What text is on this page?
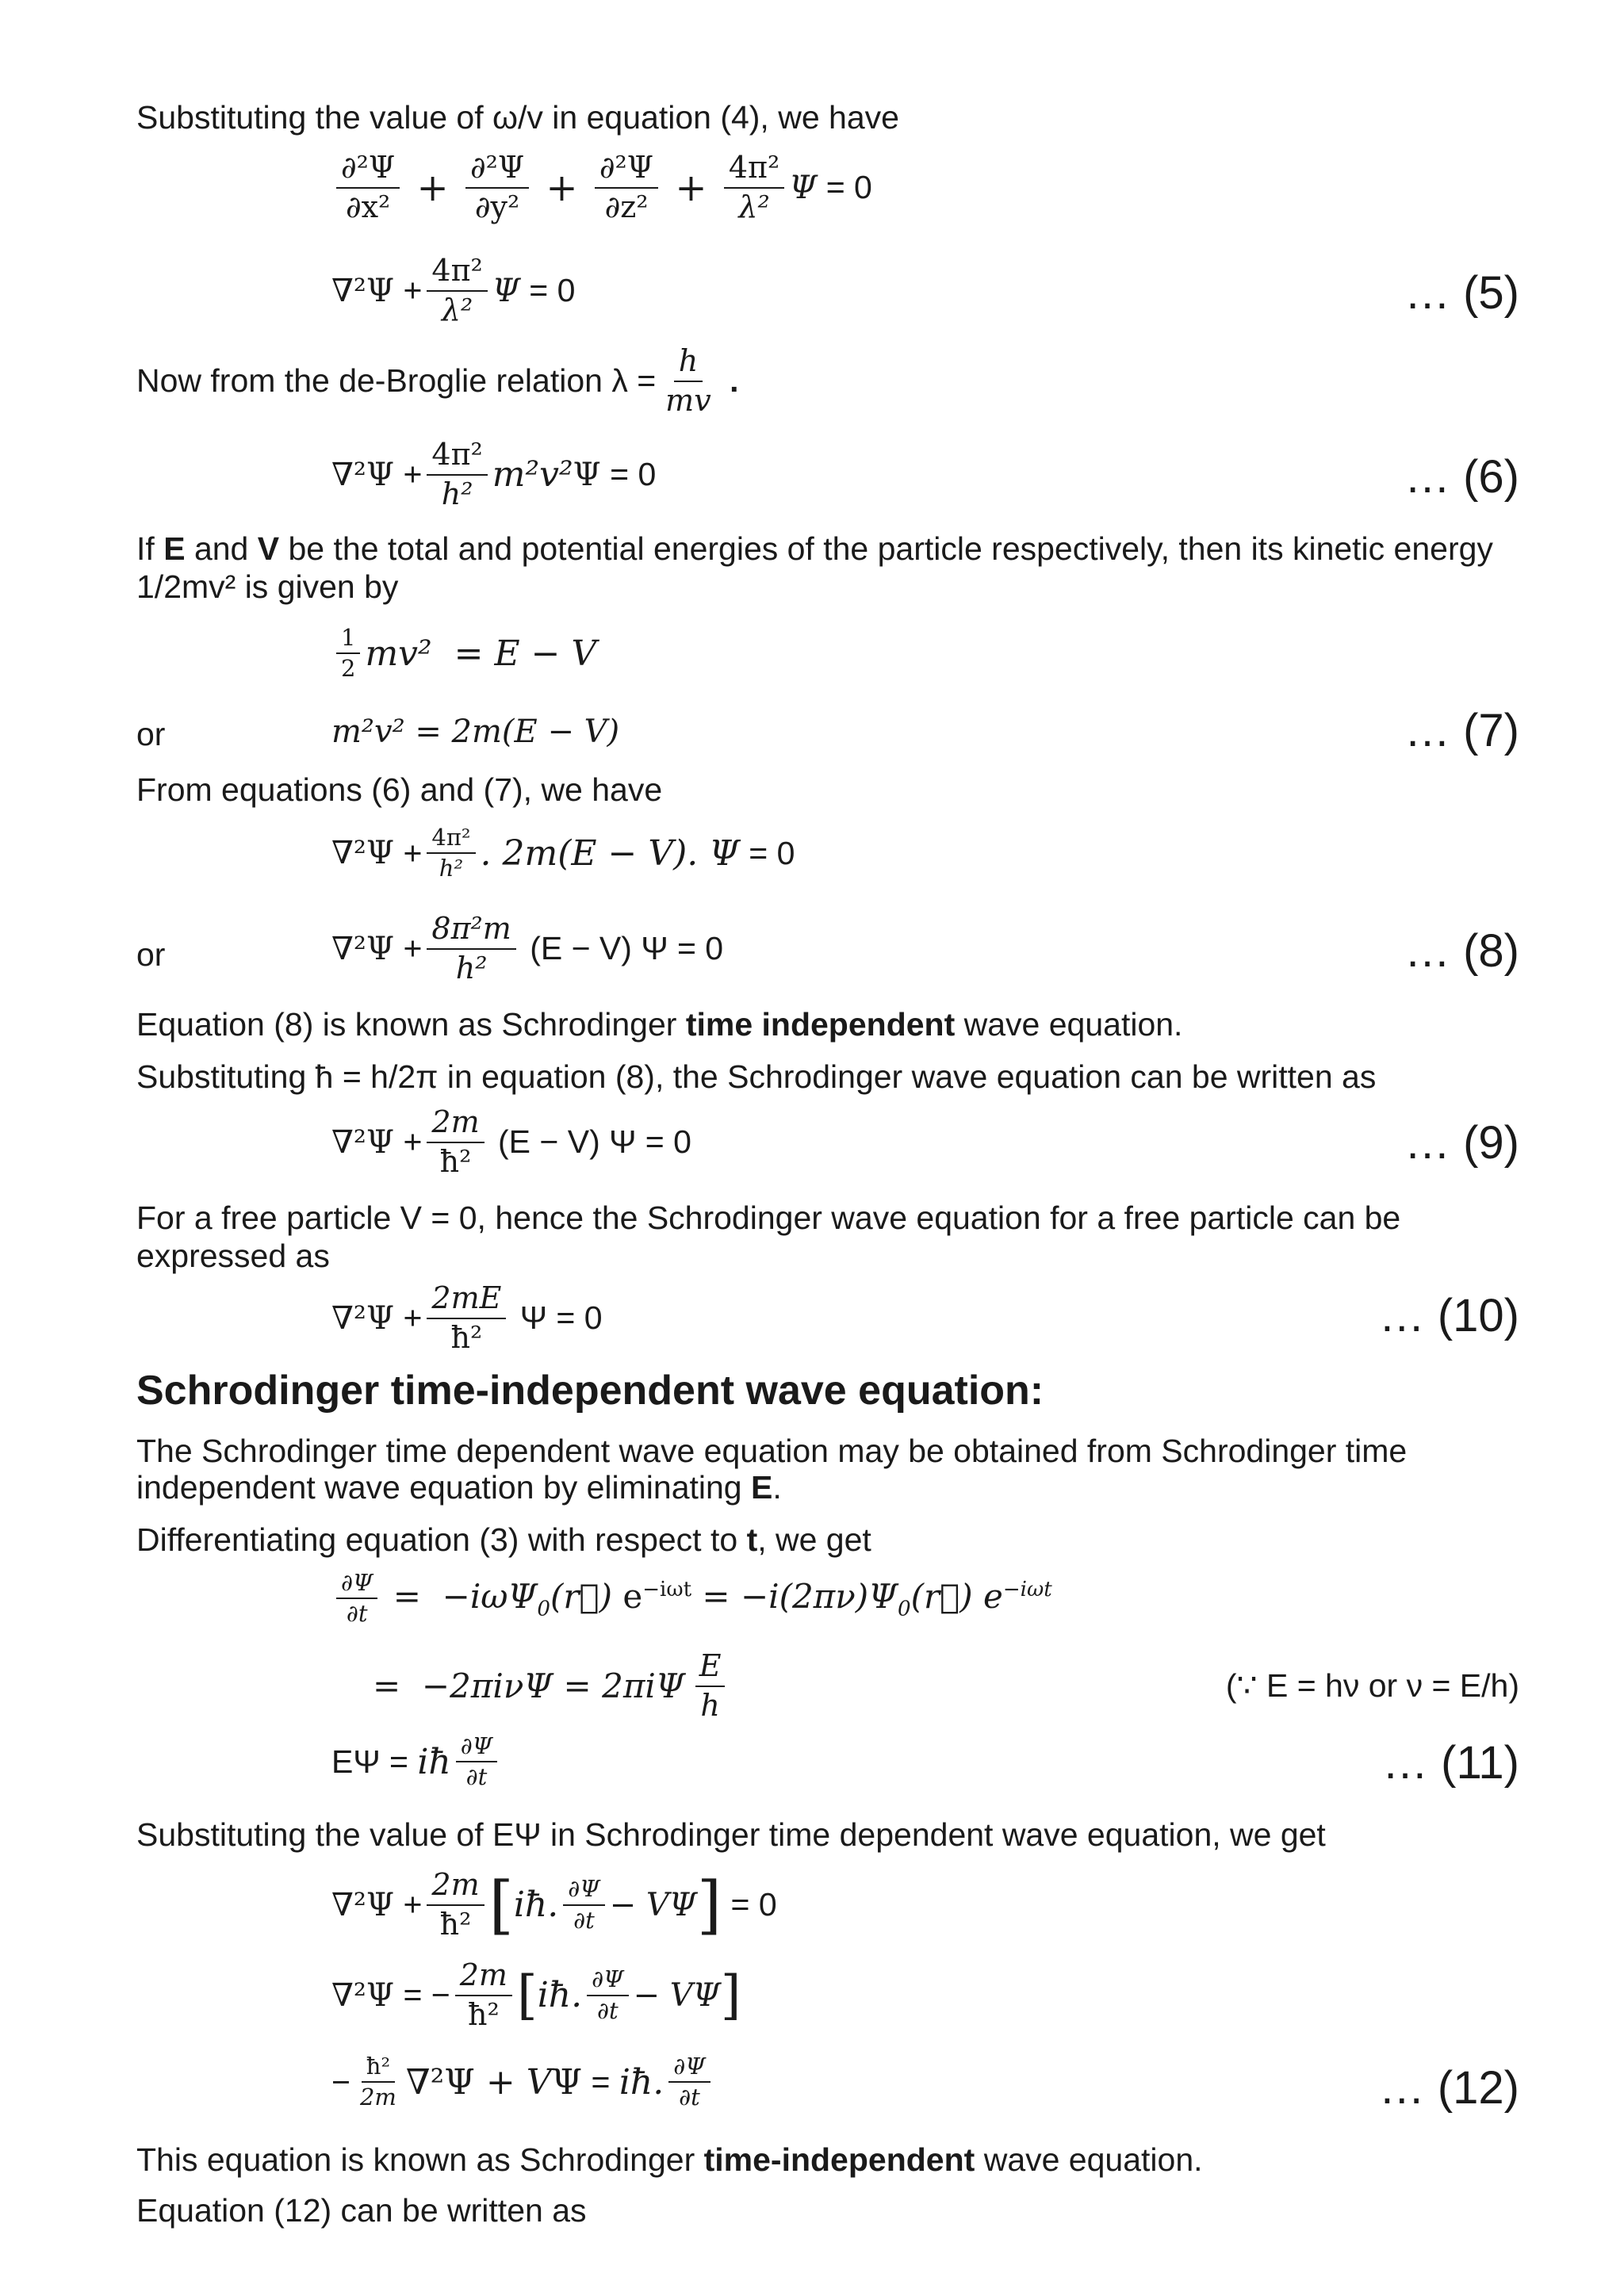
Substituting the value of ω/v in equation (4), we have
$\frac{\text{∂²Ψ}}{\text{∂x²}} + \frac{\text{∂²Ψ}}{\text{∂y²}} + \frac{\text{∂²Ψ}}{\text{∂z²}} + \frac{\text{4π²}}{\text{λ²}}$ Ψ = 0
$\nabla^2\Psi + \frac{\text{4π²}}{\text{λ²}}$ Ψ = 0	… (5)
Now from the de-Broglie relation $\lambda = \frac{h}{mv}$ .
$\nabla^2\Psi + \frac{\text{4π²}}{\text{h²}} m^2v^2$ Ψ = 0	… (6)
If E and V be the total and potential energies of the particle respectively, then its kinetic energy
1/2mv² is given by
$\frac{1}{2} mv^2 = E - V$
or	m²v² = 2m(E − V)	… (7)
From equations (6) and (7), we have
$\nabla^2\Psi + \frac{\text{4π²}}{\text{h²}}$ . 2m(E − V). Ψ = 0
or	$\nabla^2\Psi + \frac{\text{8π²m}}{\text{h²}} (E - V) \Psi = 0$	… (8)
Equation (8) is known as Schrodinger time independent wave equation.
Substituting ħ = h/2π in equation (8), the Schrodinger wave equation can be written as
$\nabla^2\Psi + \frac{2m}{\text{ħ²}} (E - V) \Psi = 0$	… (9)
For a free particle V = 0, hence the Schrodinger wave equation for a free particle can be
expressed as
$\nabla^2\Psi + \frac{2mE}{\text{ħ²}}$ Ψ = 0	… (10)
Schrodinger time-independent wave equation:
The Schrodinger time dependent wave equation may be obtained from Schrodinger time
independent wave equation by eliminating E.
Differentiating equation (3) with respect to t, we get
$\frac{\partial\Psi}{\partial t}$ =  −iωΨ$_0$(r⃗) $e^{-i\omega t}$ = $-i(2\pi\nu)\Psi_0(r⃗)$ $e^{-i\omega t}$
=  $-2\pi i\nu\Psi = 2\pi i\Psi \frac{E}{h}$	(∵ E = hν or ν = E/h)
EΨ = iħ $\frac{\partial\Psi}{\partial t}$	… (11)
Substituting the value of EΨ in Schrodinger time dependent wave equation, we get
$\nabla^2\Psi + \frac{2m}{\text{ħ²}}$ [ iħ. $\frac{\partial\Psi}{\partial t} - V\Psi$ ] = 0
∇²Ψ = − $\frac{2m}{\text{ħ²}}$ [ iħ. $\frac{\partial\Psi}{\partial t} - V\Psi$ ]
− $\frac{\text{ħ²}}{2m} \nabla^2\Psi + V\Psi$ = iħ. $\frac{\partial\Psi}{\partial t}$	… (12)
This equation is known as Schrodinger time-independent wave equation.
Equation (12) can be written as
